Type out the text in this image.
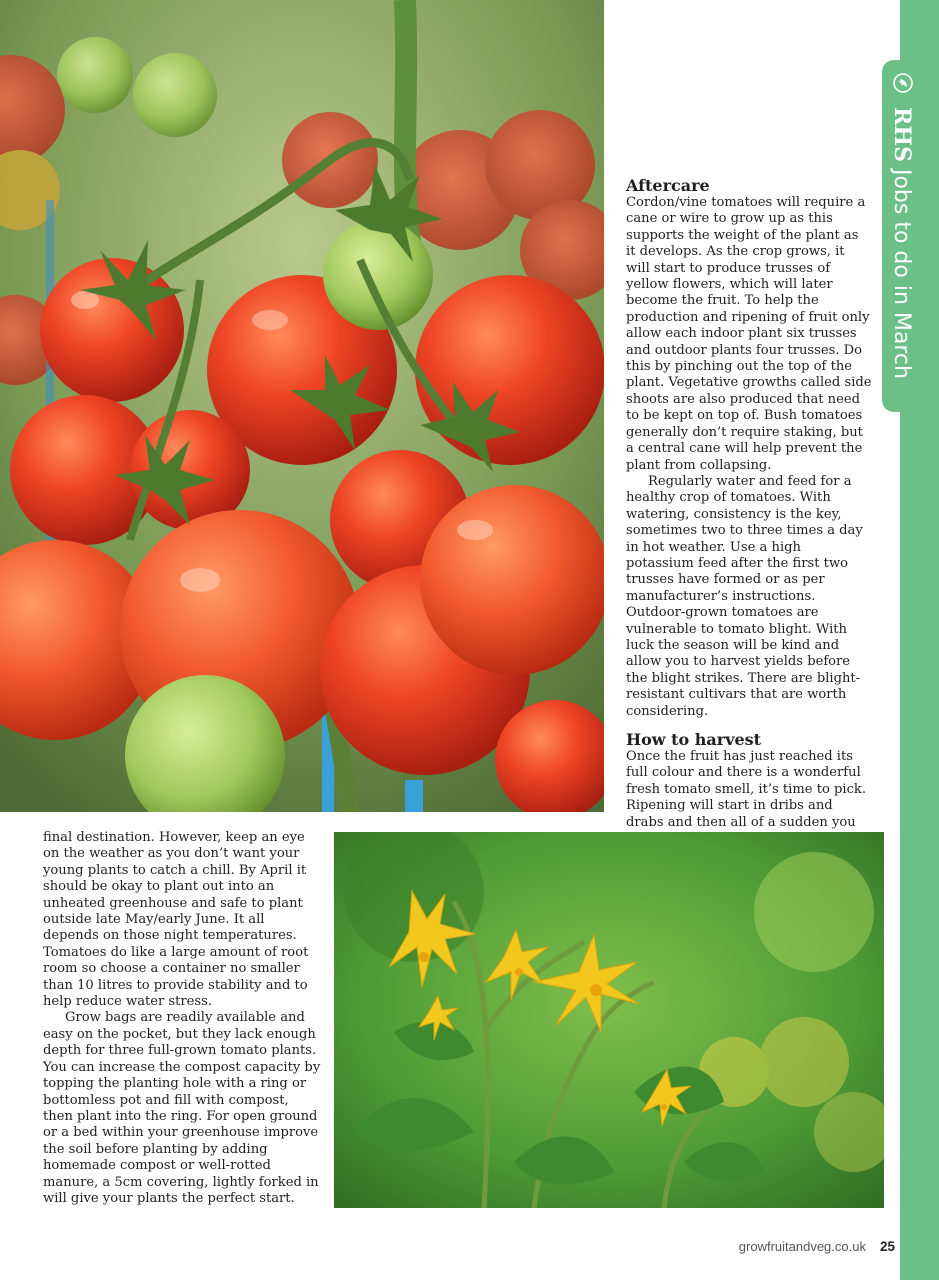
Aftercare

Cordon/vine tomatoes will require a cane or wire to grow up as this supports the weight of the plant as it develops. As the crop grows, it will start to produce trusses of yellow flowers, which will later become the fruit. To help the production and ripening of fruit only allow each indoor plant six trusses and outdoor plants four trusses. Do this by pinching out the top of the plant. Vegetative growths called side shoots are also produced that need to be kept on top of. Bush tomatoes generally don’t require staking, but a central cane will help prevent the plant from collapsing.

Regularly water and feed for a healthy crop of tomatoes. With watering, consistency is the key, sometimes two to three times a day in hot weather. Use a high potassium feed after the first two trusses have formed or as per manufacturer’s instructions. Outdoor-grown tomatoes are vulnerable to tomato blight. With luck the season will be kind and allow you to harvest yields before the blight strikes. There are blight-resistant cultivars that are worth considering.

How to harvest

Once the fruit has just reached its full colour and there is a wonderful fresh tomato smell, it’s time to pick. Ripening will start in dribs and drabs and then all of a sudden you

final destination. However, keep an eye on the weather as you don’t want your young plants to catch a chill. By April it should be okay to plant out into an unheated greenhouse and safe to plant outside late May/early June. It all depends on those night temperatures. Tomatoes do like a large amount of root room so choose a container no smaller than 10 litres to provide stability and to help reduce water stress.

Grow bags are readily available and easy on the pocket, but they lack enough depth for three full-grown tomato plants. You can increase the compost capacity by topping the planting hole with a ring or bottomless pot and fill with compost, then plant into the ring. For open ground or a bed within your greenhouse improve the soil before planting by adding homemade compost or well-rotted manure, a 5cm covering, lightly forked in will give your plants the perfect start.

RHS Jobs to do in March
growfruitandveg.co.uk 25
